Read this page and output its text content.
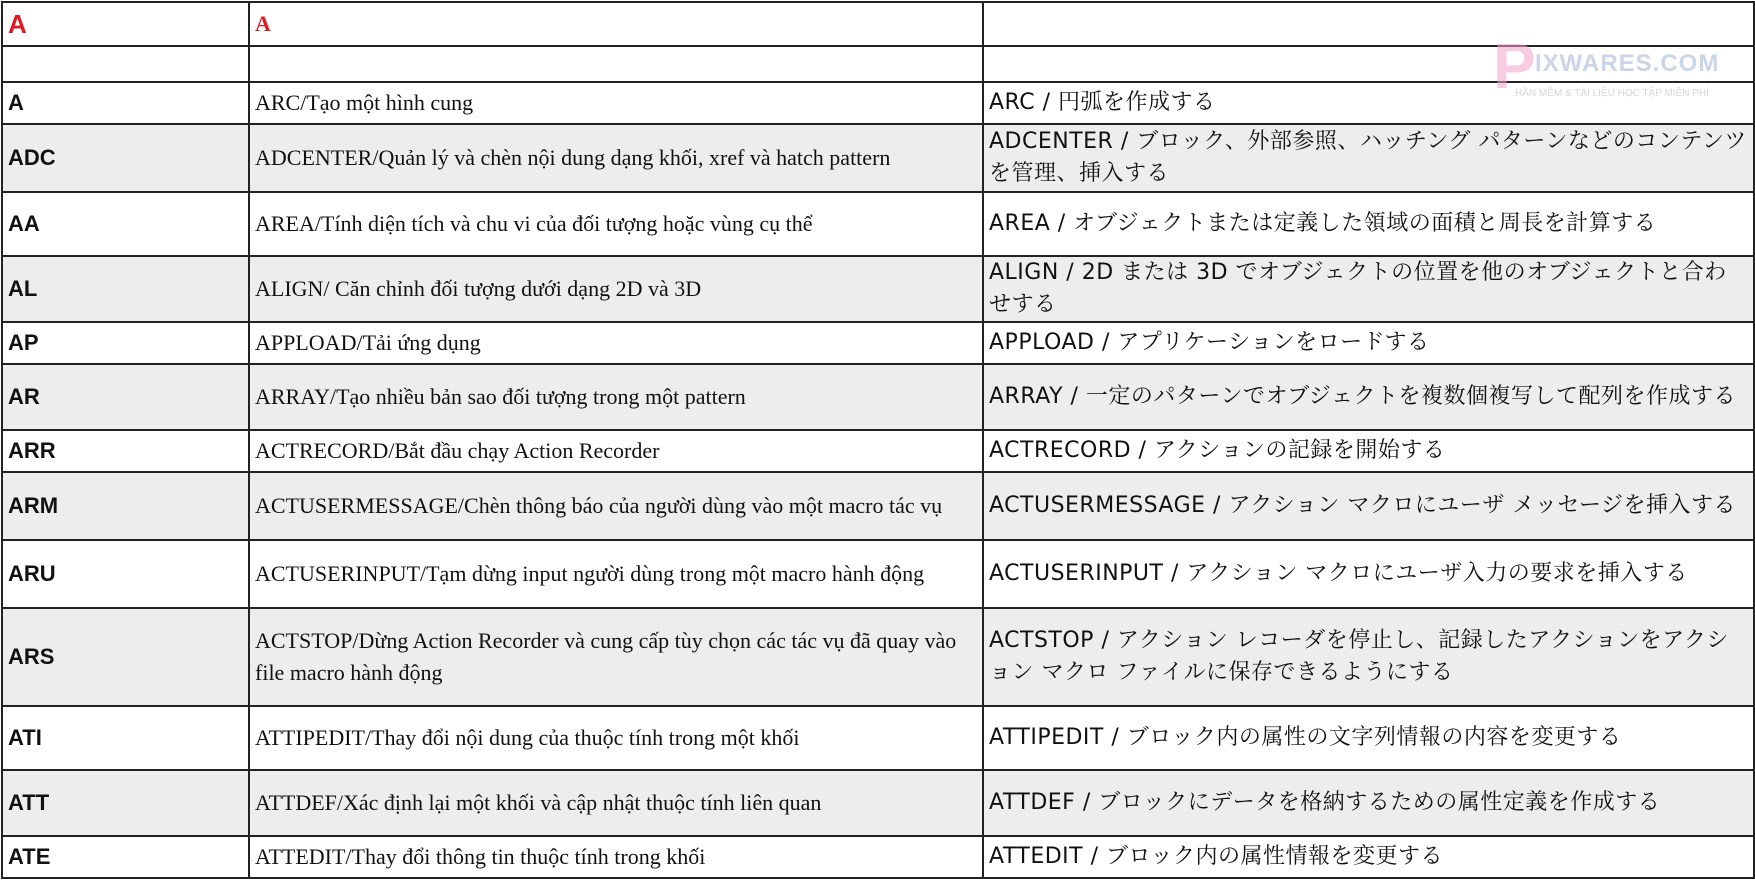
A	A	

A	ARC/Tạo một hình cung	ARC / 円弧を作成する
ADC	ADCENTER/Quản lý và chèn nội dung dạng khối, xref và hatch pattern	ADCENTER / ブロック、外部参照、ハッチング パターンなどのコンテンツを管理、挿入する
AA	AREA/Tính diện tích và chu vi của đối tượng hoặc vùng cụ thể	AREA / オブジェクトまたは定義した領域の面積と周長を計算する
AL	ALIGN/ Căn chỉnh đối tượng dưới dạng 2D và 3D	ALIGN / 2D または 3D でオブジェクトの位置を他のオブジェクトと合わせする
AP	APPLOAD/Tải ứng dụng	APPLOAD / アプリケーションをロードする
AR	ARRAY/Tạo nhiều bản sao đối tượng trong một pattern	ARRAY / 一定のパターンでオブジェクトを複数個複写して配列を作成する
ARR	ACTRECORD/Bắt đầu chạy Action Recorder	ACTRECORD / アクションの記録を開始する
ARM	ACTUSERMESSAGE/Chèn thông báo của người dùng vào một macro tác vụ	ACTUSERMESSAGE / アクション マクロにユーザ メッセージを挿入する
ARU	ACTUSERINPUT/Tạm dừng input người dùng trong một macro hành động	ACTUSERINPUT / アクション マクロにユーザ入力の要求を挿入する
ARS	ACTSTOP/Dừng Action Recorder và cung cấp tùy chọn các tác vụ đã quay vào file macro hành động	ACTSTOP / アクション レコーダを停止し、記録したアクションをアクション マクロ ファイルに保存できるようにする
ATI	ATTIPEDIT/Thay đổi nội dung của thuộc tính trong một khối	ATTIPEDIT / ブロック内の属性の文字列情報の内容を変更する
ATT	ATTDEF/Xác định lại một khối và cập nhật thuộc tính liên quan	ATTDEF / ブロックにデータを格納するための属性定義を作成する
ATE	ATTEDIT/Thay đổi thông tin thuộc tính trong khối	ATTEDIT / ブロック内の属性情報を変更する
P IXWARES.COM
HẦN MỀM & TÀI LIỆU HỌC TẬP MIỄN PHÍ
